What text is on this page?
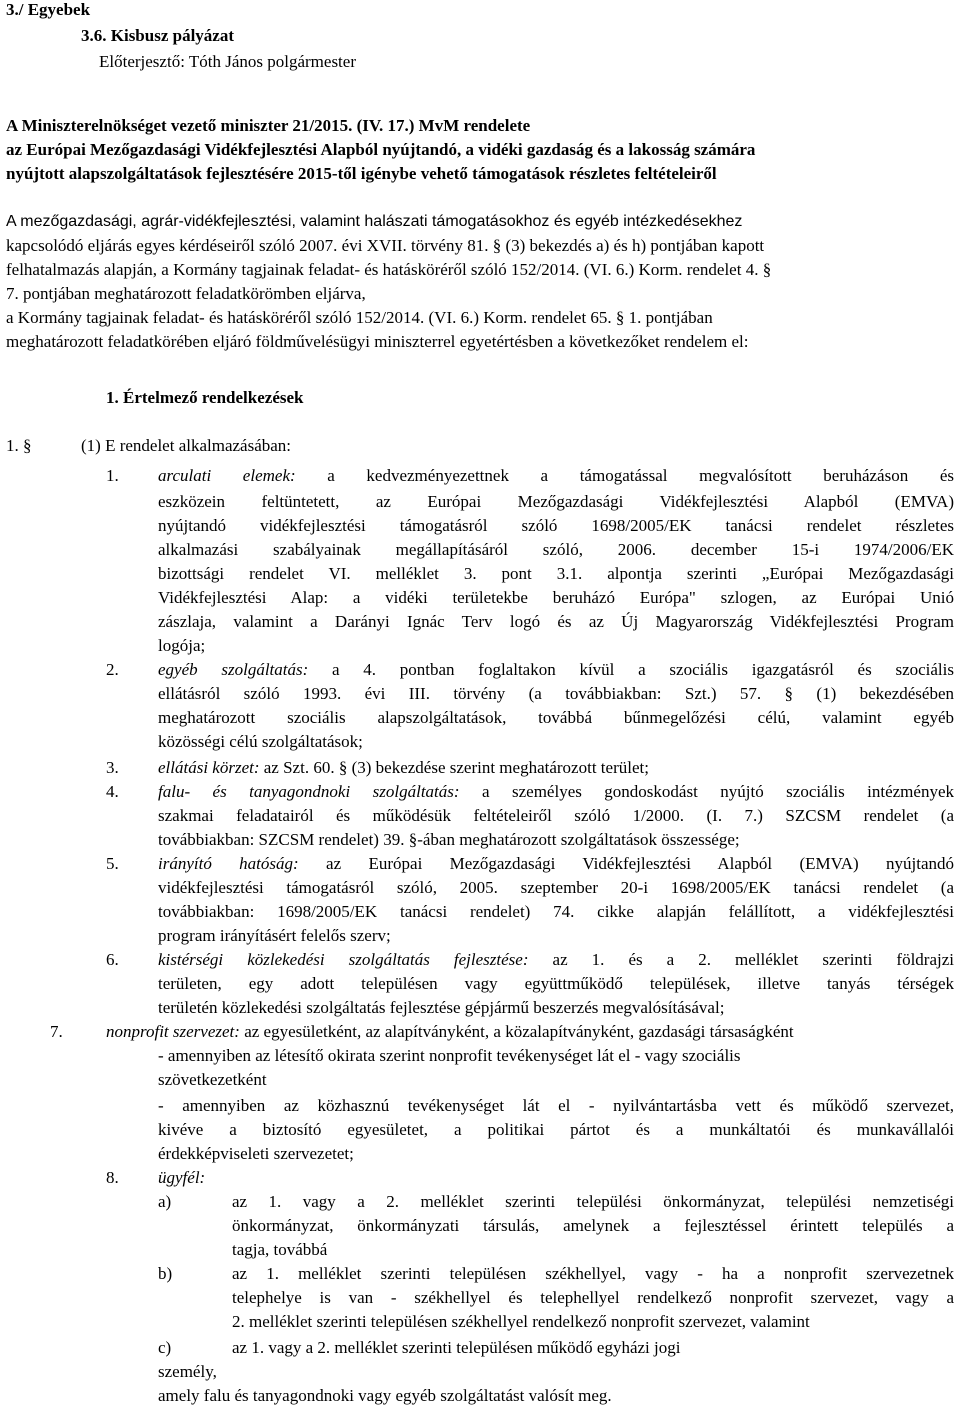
3./ Egyebek
3.6. Kisbusz pályázat
Előterjesztő: Tóth János polgármester
A Miniszterelnökséget vezető miniszter 21/2015. (IV. 17.) MvM rendelete
az Európai Mezőgazdasági Vidékfejlesztési Alapból nyújtandó, a vidéki gazdaság és a lakosság számára
nyújtott alapszolgáltatások fejlesztésére 2015-től igénybe vehető támogatások részletes feltételeiről
A mezőgazdasági, agrár-vidékfejlesztési, valamint halászati támogatásokhoz és egyéb intézkedésekhez
kapcsolódó eljárás egyes kérdéseiről szóló 2007. évi XVII. törvény 81. § (3) bekezdés a) és h) pontjában kapott
felhatalmazás alapján, a Kormány tagjainak feladat- és hatásköréről szóló 152/2014. (VI. 6.) Korm. rendelet 4. §
7. pontjában meghatározott feladatkörömben eljárva,
a Kormány tagjainak feladat- és hatásköréről szóló 152/2014. (VI. 6.) Korm. rendelet 65. § 1. pontjában
meghatározott feladatkörében eljáró földművelésügyi miniszterrel egyetértésben a következőket rendelem el:
1. Értelmező rendelkezések
1. §	(1) E rendelet alkalmazásában:
1. arculati elemek: a kedvezményezettnek a támogatással megvalósított beruházáson és
eszközein feltüntetett, az Európai Mezőgazdasági Vidékfejlesztési Alapból (EMVA)
nyújtandó vidékfejlesztési támogatásról szóló 1698/2005/EK tanácsi rendelet részletes
alkalmazási szabályainak megállapításáról szóló, 2006. december 15-i 1974/2006/EK
bizottsági rendelet VI. melléklet 3. pont 3.1. alpontja szerinti „Európai Mezőgazdasági
Vidékfejlesztési Alap: a vidéki területekbe beruházó Európa" szlogen, az Európai Unió
zászlaja, valamint a Darányi Ignác Terv logó és az Új Magyarország Vidékfejlesztési Program
logója;
2. egyéb szolgáltatás: a 4. pontban foglaltakon kívül a szociális igazgatásról és szociális
ellátásról szóló 1993. évi III. törvény (a továbbiakban: Szt.) 57. § (1) bekezdésében
meghatározott szociális alapszolgáltatások, továbbá bűnmegelőzési célú, valamint egyéb
közösségi célú szolgáltatások;
3. ellátási körzet: az Szt. 60. § (3) bekezdése szerint meghatározott terület;
4. falu- és tanyagondnoki szolgáltatás: a személyes gondoskodást nyújtó szociális intézmények
szakmai feladatairól és működésük feltételeiről szóló 1/2000. (I. 7.) SZCSM rendelet (a
továbbiakban: SZCSM rendelet) 39. §-ában meghatározott szolgáltatások összessége;
5. irányító hatóság: az Európai Mezőgazdasági Vidékfejlesztési Alapból (EMVA) nyújtandó
vidékfejlesztési támogatásról szóló, 2005. szeptember 20-i 1698/2005/EK tanácsi rendelet (a
továbbiakban: 1698/2005/EK tanácsi rendelet) 74. cikke alapján felállított, a vidékfejlesztési
program irányításért felelős szerv;
6. kistérségi közlekedési szolgáltatás fejlesztése: az 1. és a 2. melléklet szerinti földrajzi
területen, egy adott településen vagy együttműködő települések, illetve tanyás térségek
területén közlekedési szolgáltatás fejlesztése gépjármű beszerzés megvalósításával;
7.	nonprofit szervezet: az egyesületként, az alapítványként, a közalapítványként, gazdasági társaságként
- amennyiben az létesítő okirata szerint nonprofit tevékenységet lát el - vagy szociális
szövetkezetként
- amennyiben az közhasznú tevékenységet lát el - nyilvántartásba vett és működő szervezet,
kivéve a biztosító egyesületet, a politikai pártot és a munkáltatói és munkavállalói
érdekképviseleti szervezetet;
8. ügyfél:
a)	az 1. vagy a 2. melléklet szerinti települési önkormányzat, települési nemzetiségi
önkormányzat, önkormányzati társulás, amelynek a fejlesztéssel érintett település a
tagja, továbbá
b)	az 1. melléklet szerinti településen székhellyel, vagy - ha a nonprofit szervezetnek
telephelye is van - székhellyel és telephellyel rendelkező nonprofit szervezet, vagy a
2. melléklet szerinti településen székhellyel rendelkező nonprofit szervezet, valamint
c)	az 1. vagy a 2. melléklet szerinti településen működő egyházi jogi
személy,
amely falu és tanyagondnoki vagy egyéb szolgáltatást valósít meg.
